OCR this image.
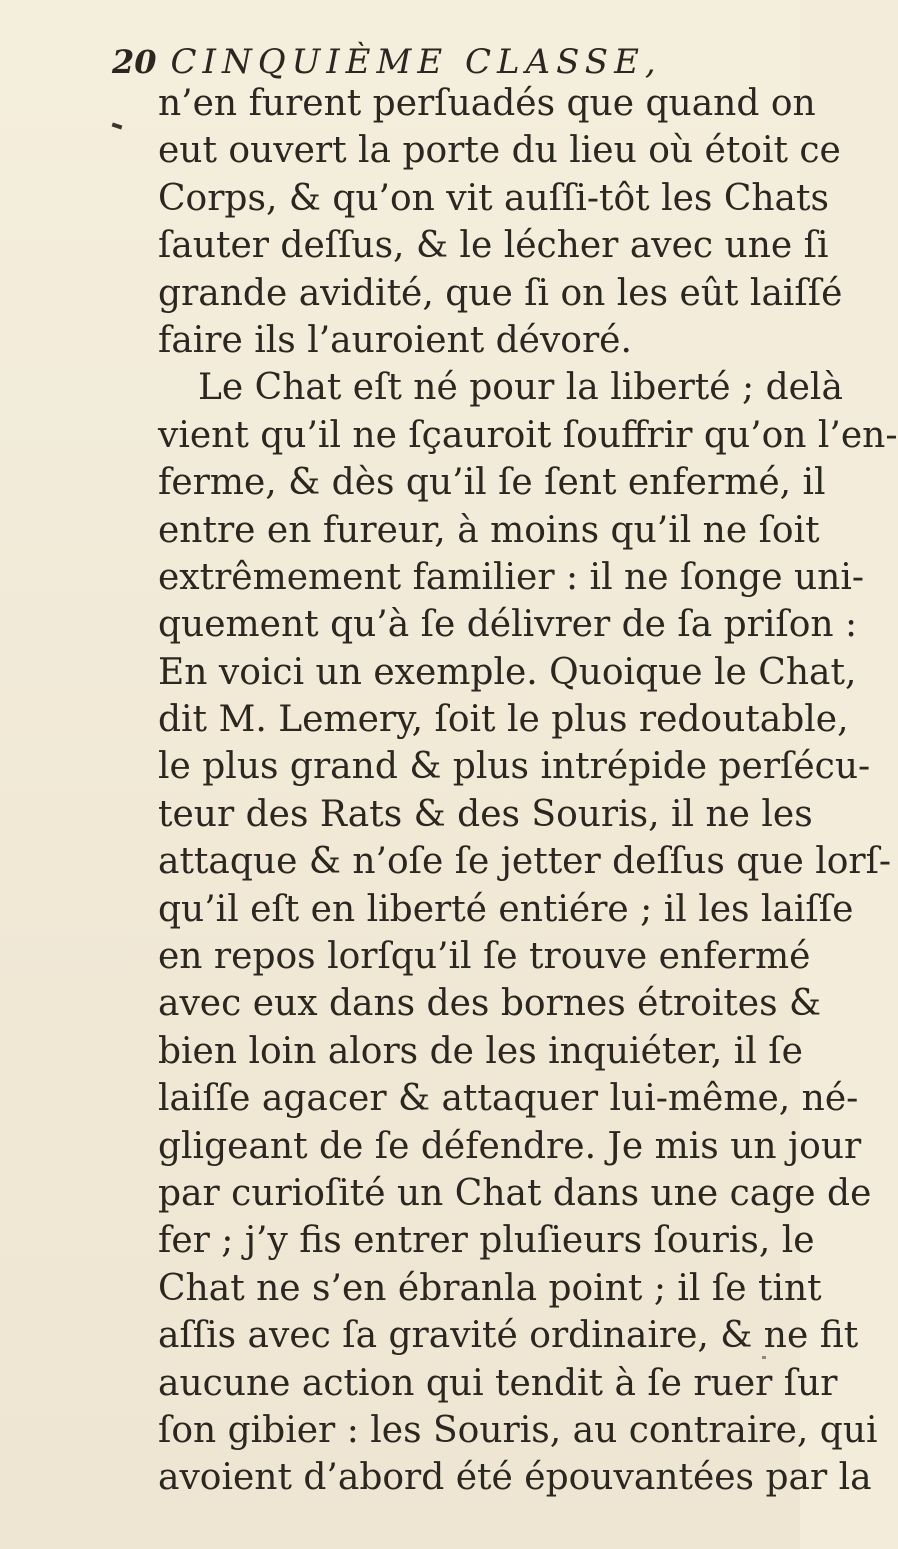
20 CINQUIÈME CLASSE,
n’en furent perſuadés que quand on
eut ouvert la porte du lieu où étoit ce
Corps, & qu’on vit auſſi-tôt les Chats
ſauter deſſus, & le lécher avec une ſi
grande avidité, que ſi on les eût laiſſé
faire ils l’auroient dévoré.
Le Chat eſt né pour la liberté ; delà
vient qu’il ne ſçauroit ſouffrir qu’on l’en-
ferme, & dès qu’il ſe ſent enfermé, il
entre en fureur, à moins qu’il ne ſoit
extrêmement familier : il ne ſonge uni-
quement qu’à ſe délivrer de ſa priſon :
En voici un exemple. Quoique le Chat,
dit M. Lemery, ſoit le plus redoutable,
le plus grand & plus intrépide perſécu-
teur des Rats & des Souris, il ne les
attaque & n’oſe ſe jetter deſſus que lorſ-
qu’il eſt en liberté entiére ; il les laiſſe
en repos lorſqu’il ſe trouve enfermé
avec eux dans des bornes étroites &
bien loin alors de les inquiéter, il ſe
laiſſe agacer & attaquer lui-même, né-
gligeant de ſe défendre. Je mis un jour
par curioſité un Chat dans une cage de
fer ; j’y fis entrer pluſieurs ſouris, le
Chat ne s’en ébranla point ; il ſe tint
aſſis avec ſa gravité ordinaire, & ne fit
aucune action qui tendit à ſe ruer ſur
ſon gibier : les Souris, au contraire, qui
avoient d’abord été épouvantées par la
